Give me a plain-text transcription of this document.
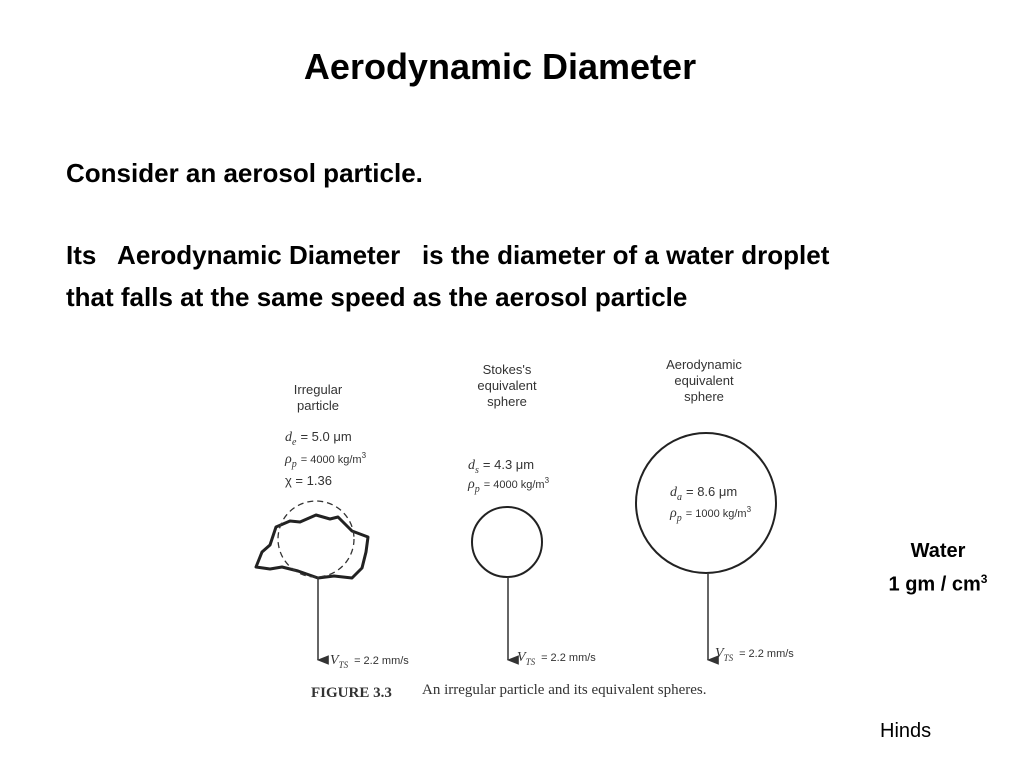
Aerodynamic Diameter
Consider an aerosol particle.
Its   Aerodynamic Diameter   is the diameter of a water droplet
that falls at the same speed as the aerosol particle
Irregular
particle
$d_e = 5.0$ μm
ρp = 4000 $kg/m^3$
χ = 1.36
$V_{TS} = 2.2$ mm/s
Stokes's
equivalent
sphere
$d_s = 4.3$ μm
ρp = 4000 $kg/m^3$
$V_{TS} = 2.2$ mm/s
Aerodynamic
equivalent
sphere
$d_a = 8.6$ μm
ρp = 1000 $kg/m^3$
$V_{TS} = 2.2$ mm/s
FIGURE 3.3 An irregular particle and its equivalent spheres.
Water
1 gm / $cm^3$
Hinds
